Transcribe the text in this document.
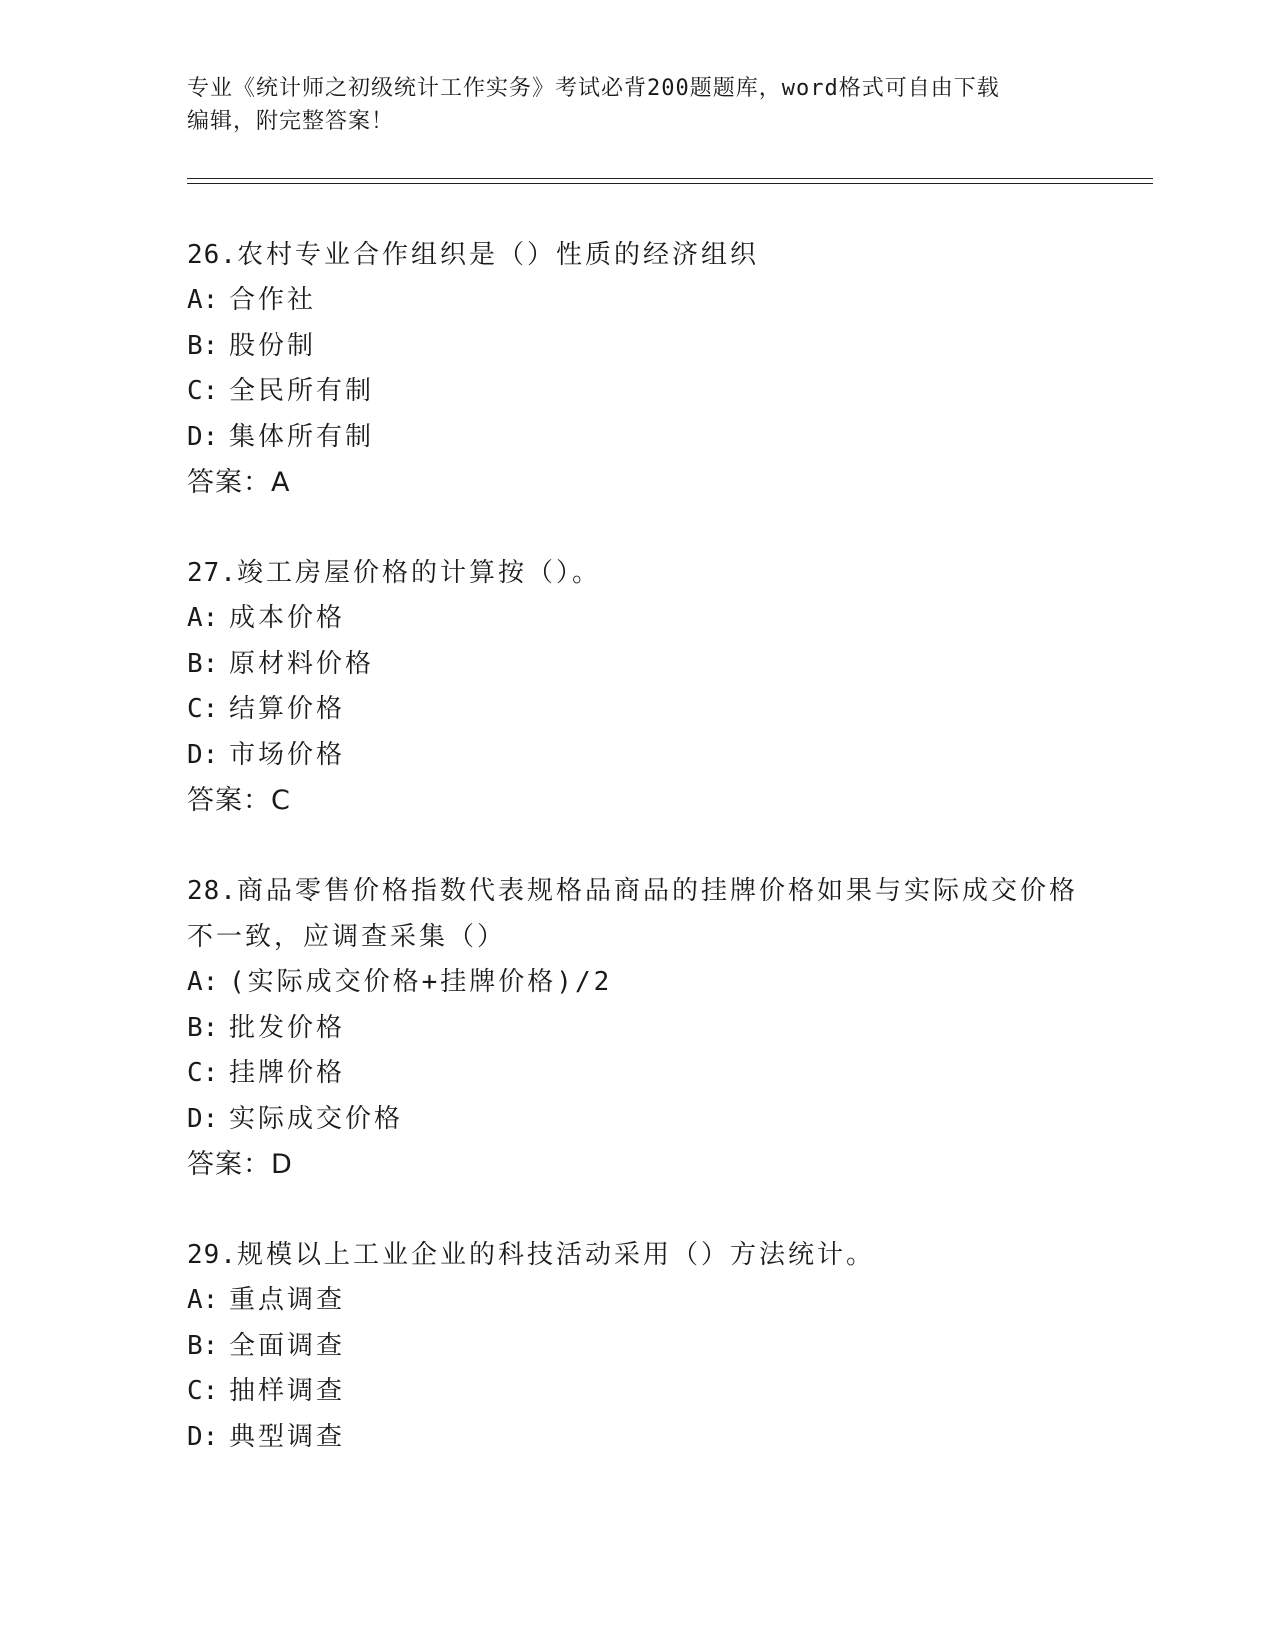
专业《统计师之初级统计工作实务》考试必背200题题库，word格式可自由下载
编辑，附完整答案！
26.农村专业合作组织是（）性质的经济组织
A: 合作社
B: 股份制
C: 全民所有制
D: 集体所有制
答案：A
27.竣工房屋价格的计算按（）。
A: 成本价格
B: 原材料价格
C: 结算价格
D: 市场价格
答案：C
28.商品零售价格指数代表规格品商品的挂牌价格如果与实际成交价格不一致，应调查采集（）
A: (实际成交价格+挂牌价格)/2
B: 批发价格
C: 挂牌价格
D: 实际成交价格
答案：D
29.规模以上工业企业的科技活动采用（）方法统计。
A: 重点调查
B: 全面调查
C: 抽样调查
D: 典型调查
